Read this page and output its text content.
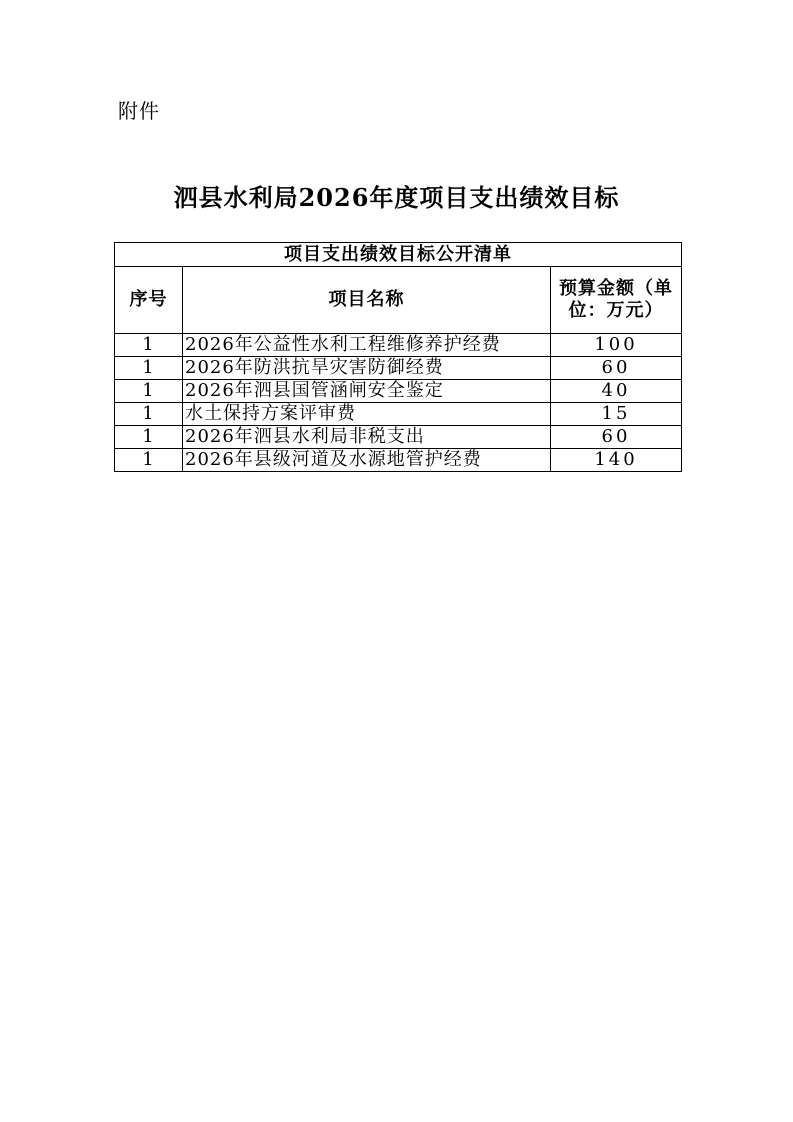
附件
泗县水利局2026年度项目支出绩效目标
项目支出绩效目标公开清单		
序号	项目名称	预算金额（单位：万元）
1	2026年公益性水利工程维修养护经费	100
1	2026年防洪抗旱灾害防御经费	60
1	2026年泗县国管涵闸安全鉴定	40
1	水土保持方案评审费	15
1	2026年泗县水利局非税支出	60
1	2026年县级河道及水源地管护经费	140
